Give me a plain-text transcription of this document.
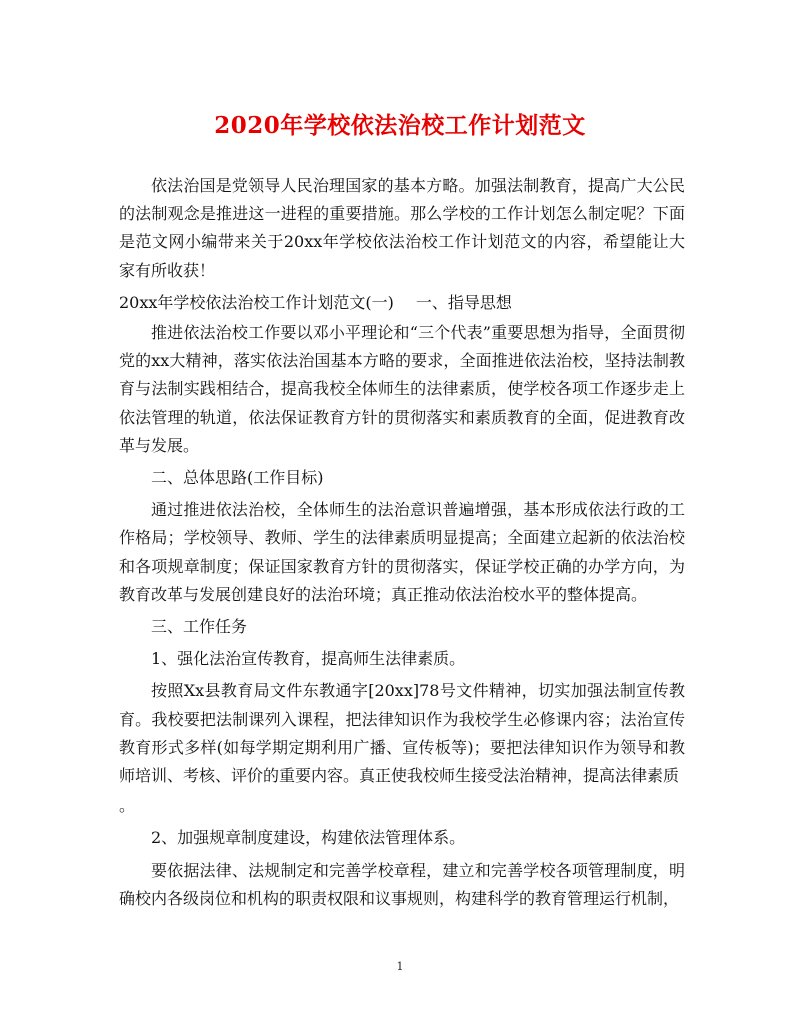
2020年学校依法治校工作计划范文

依法治国是党领导人民治理国家的基本方略。加强法制教育，提高广大公民的法制观念是推进这一进程的重要措施。那么学校的工作计划怎么制定呢？下面是范文网小编带来关于20xx年学校依法治校工作计划范文的内容，希望能让大家有所收获！

20xx年学校依法治校工作计划范文(一) 一、指导思想

推进依法治校工作要以邓小平理论和“三个代表”重要思想为指导，全面贯彻党的xx大精神，落实依法治国基本方略的要求，全面推进依法治校，坚持法制教育与法制实践相结合，提高我校全体师生的法律素质，使学校各项工作逐步走上依法管理的轨道，依法保证教育方针的贯彻落实和素质教育的全面，促进教育改革与发展。

二、总体思路(工作目标)

通过推进依法治校，全体师生的法治意识普遍增强，基本形成依法行政的工作格局；学校领导、教师、学生的法律素质明显提高；全面建立起新的依法治校和各项规章制度；保证国家教育方针的贯彻落实，保证学校正确的办学方向，为教育改革与发展创建良好的法治环境；真正推动依法治校水平的整体提高。

三、工作任务

1、强化法治宣传教育，提高师生法律素质。

按照Xx县教育局文件东教通字[20xx]78号文件精神，切实加强法制宣传教育。我校要把法制课列入课程，把法律知识作为我校学生必修课内容；法治宣传教育形式多样(如每学期定期利用广播、宣传板等)；要把法律知识作为领导和教师培训、考核、评价的重要内容。真正使我校师生接受法治精神，提高法律素质

。

2、加强规章制度建设，构建依法管理体系。

要依据法律、法规制定和完善学校章程，建立和完善学校各项管理制度，明确校内各级岗位和机构的职责权限和议事规则，构建科学的教育管理运行机制，

1
